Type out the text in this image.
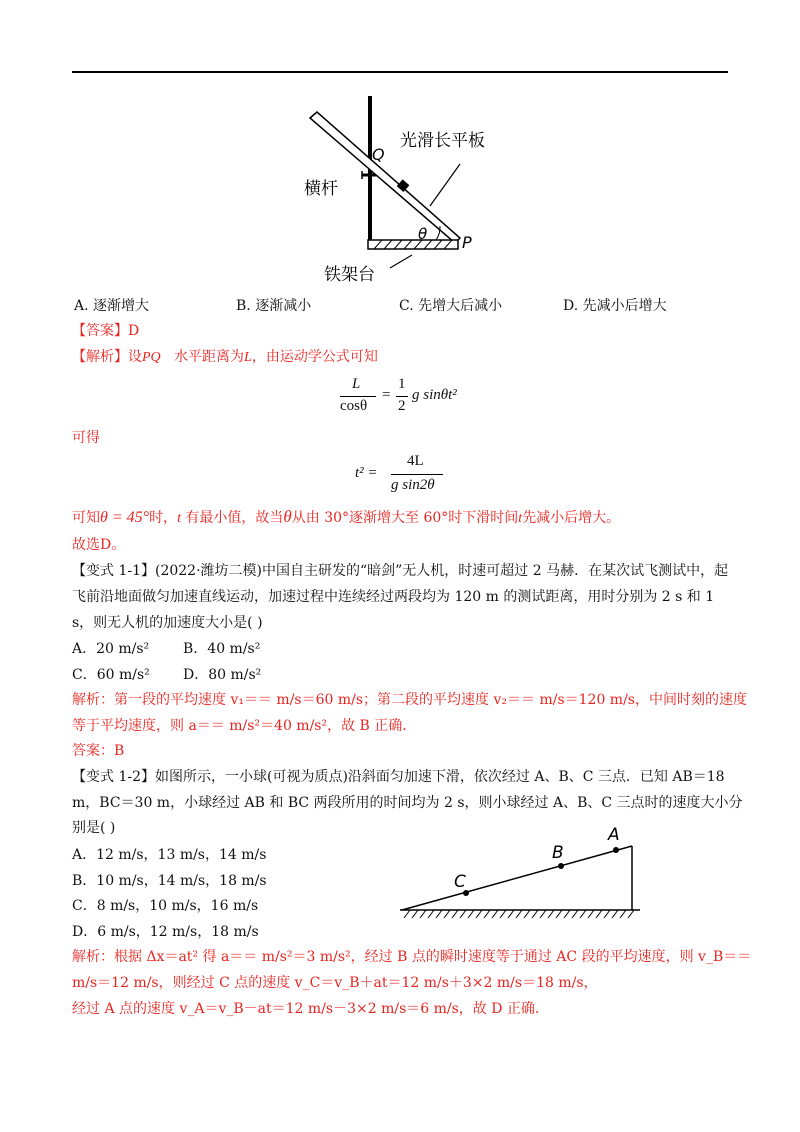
Q
P
θ
光滑长平板
横杆
铁架台
A. 逐渐增大	B. 逐渐减小	C. 先增大后减小	D. 先减小后增大
【答案】D
【解析】设PQ 水平距离为L，由运动学公式可知
L
cosθ
=
1
2
g sinθt²
可得
t² =
4L
g sin2θ
可知θ = 45°时，t 有最小值，故当θ从由 30°逐渐增大至 60°时下滑时间t先减小后增大。
故选D。
【变式 1-1】(2022·潍坊二模)中国自主研发的“暗剑”无人机，时速可超过 2 马赫．在某次试飞测试中，起
飞前沿地面做匀加速直线运动，加速过程中连续经过两段均为 120 m 的测试距离，用时分别为 2 s 和 1
s，则无人机的加速度大小是( )
A．20 m/s² B．40 m/s²
C．60 m/s² D．80 m/s²
解析：第一段的平均速度 v₁＝＝ m/s＝60 m/s；第二段的平均速度 v₂＝＝ m/s＝120 m/s，中间时刻的速度
等于平均速度，则 a＝＝ m/s²＝40 m/s²，故 B 正确．
答案：B
【变式 1-2】如图所示，一小球(可视为质点)沿斜面匀加速下滑，依次经过 A、B、C 三点．已知 AB＝18
m，BC＝30 m，小球经过 AB 和 BC 两段所用的时间均为 2 s，则小球经过 A、B、C 三点时的速度大小分
别是( )
A．12 m/s，13 m/s，14 m/s
B．10 m/s，14 m/s，18 m/s
C．8 m/s，10 m/s，16 m/s
D．6 m/s，12 m/s，18 m/s
A
B
C
解析：根据 Δx＝at² 得 a＝＝ m/s²＝3 m/s²，经过 B 点的瞬时速度等于通过 AC 段的平均速度，则 v_B＝＝
m/s＝12 m/s，则经过 C 点的速度 v_C＝v_B＋at＝12 m/s＋3×2 m/s＝18 m/s，
经过 A 点的速度 v_A＝v_B－at＝12 m/s－3×2 m/s＝6 m/s，故 D 正确．
